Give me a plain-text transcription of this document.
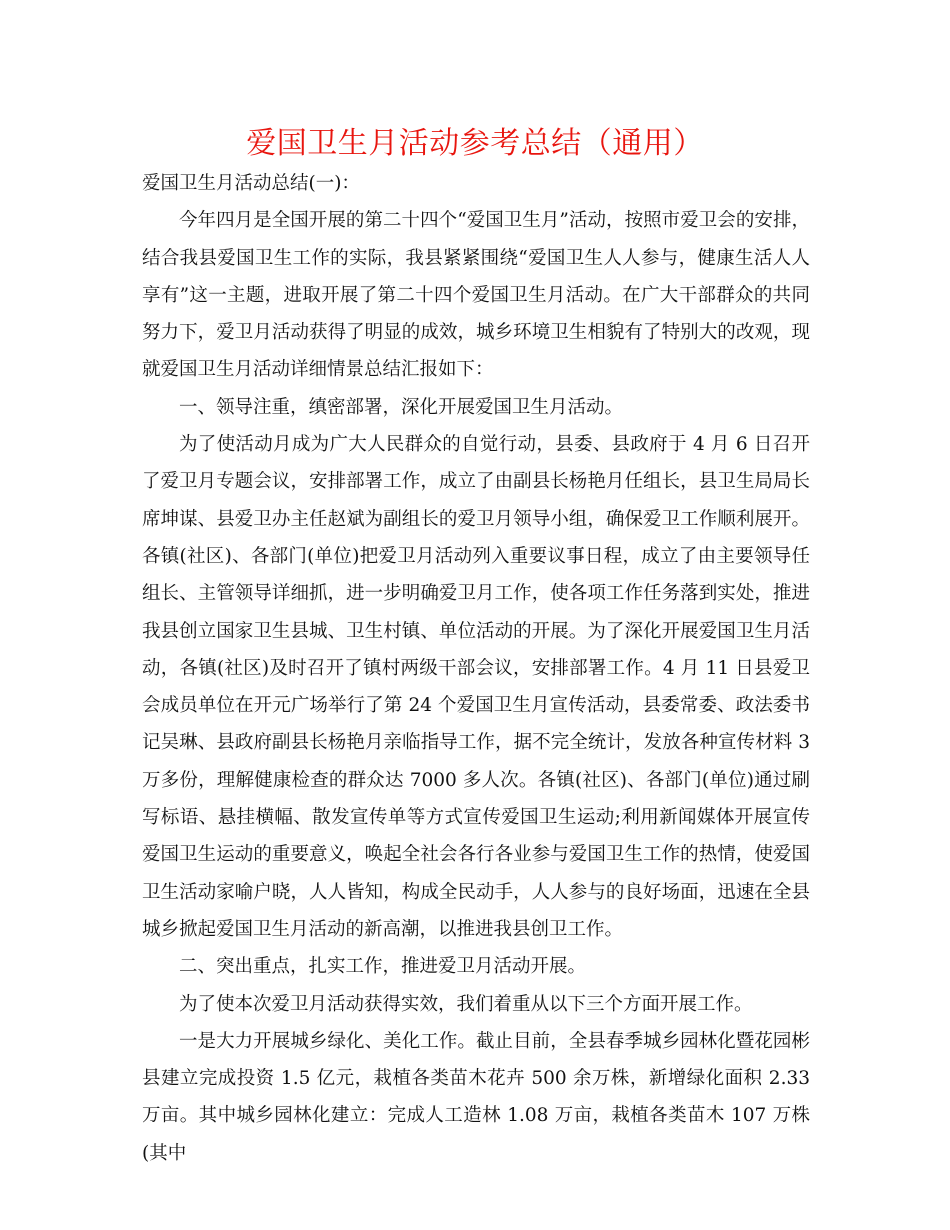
爱国卫生月活动参考总结（通用）

爱国卫生月活动总结(一)：

今年四月是全国开展的第二十四个“爱国卫生月”活动，按照市爱卫会的安排，结合我县爱国卫生工作的实际，我县紧紧围绕“爱国卫生人人参与，健康生活人人享有”这一主题，进取开展了第二十四个爱国卫生月活动。在广大干部群众的共同努力下，爱卫月活动获得了明显的成效，城乡环境卫生相貌有了特别大的改观，现就爱国卫生月活动详细情景总结汇报如下：

一、领导注重，缜密部署，深化开展爱国卫生月活动。

为了使活动月成为广大人民群众的自觉行动，县委、县政府于 4 月 6 日召开了爱卫月专题会议，安排部署工作，成立了由副县长杨艳月任组长，县卫生局局长席坤谋、县爱卫办主任赵斌为副组长的爱卫月领导小组，确保爱卫工作顺利展开。各镇(社区)、各部门(单位)把爱卫月活动列入重要议事日程，成立了由主要领导任组长、主管领导详细抓，进一步明确爱卫月工作，使各项工作任务落到实处，推进我县创立国家卫生县城、卫生村镇、单位活动的开展。为了深化开展爱国卫生月活动，各镇(社区)及时召开了镇村两级干部会议，安排部署工作。4 月 11 日县爱卫会成员单位在开元广场举行了第 24 个爱国卫生月宣传活动，县委常委、政法委书记吴琳、县政府副县长杨艳月亲临指导工作，据不完全统计，发放各种宣传材料 3 万多份，理解健康检查的群众达 7000 多人次。各镇(社区)、各部门(单位)通过刷写标语、悬挂横幅、散发宣传单等方式宣传爱国卫生运动;利用新闻媒体开展宣传爱国卫生运动的重要意义，唤起全社会各行各业参与爱国卫生工作的热情，使爱国卫生活动家喻户晓，人人皆知，构成全民动手，人人参与的良好场面，迅速在全县城乡掀起爱国卫生月活动的新高潮，以推进我县创卫工作。

二、突出重点，扎实工作，推进爱卫月活动开展。

为了使本次爱卫月活动获得实效，我们着重从以下三个方面开展工作。

一是大力开展城乡绿化、美化工作。截止目前，全县春季城乡园林化暨花园彬县建立完成投资 1.5 亿元，栽植各类苗木花卉 500 余万株，新增绿化面积 2.33 万亩。其中城乡园林化建立：完成人工造林 1.08 万亩，栽植各类苗木 107 万株(其中
